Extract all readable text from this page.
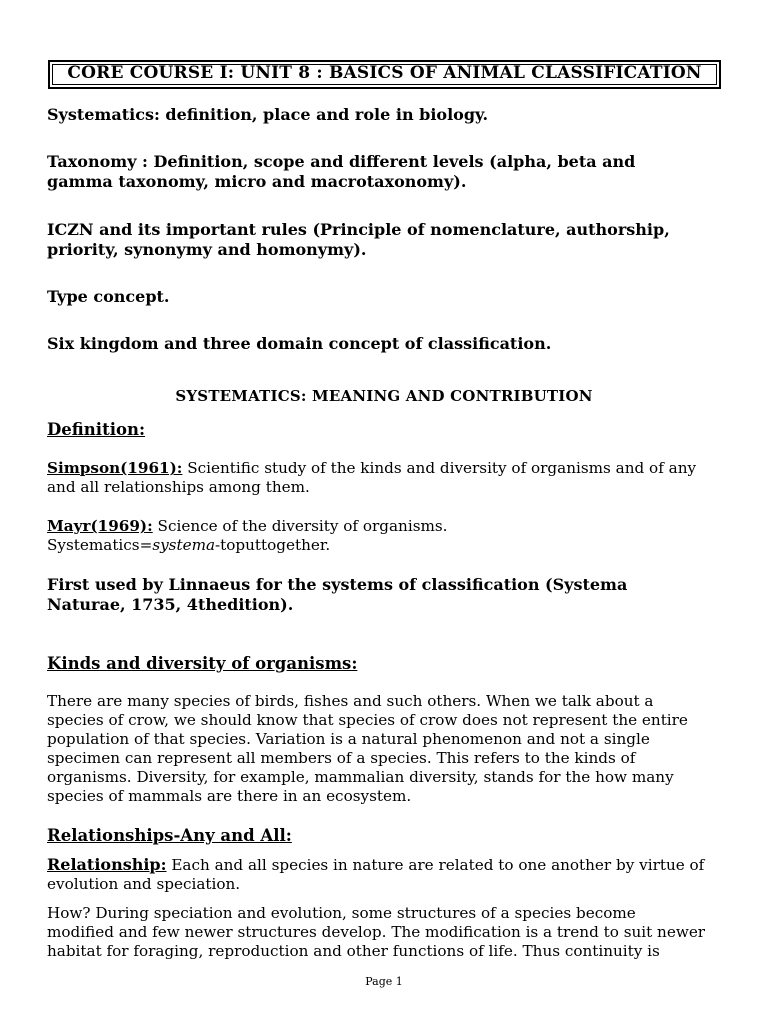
CORE COURSE I: UNIT 8 : BASICS OF ANIMAL CLASSIFICATION
Systematics: definition, place and role in biology.
Taxonomy : Definition, scope and different levels (alpha, beta and
gamma taxonomy, micro and macrotaxonomy).
ICZN and its important rules (Principle of nomenclature, authorship,
priority, synonymy and homonymy).
Type concept.
Six kingdom and three domain concept of classification.
SYSTEMATICS: MEANING AND CONTRIBUTION
Definition:
Simpson(1961): Scientific study of the kinds and diversity of organisms and of any
and all relationships among them.
Mayr(1969): Science of the diversity of organisms.
Systematics=systema-toputtogether.
First used by Linnaeus for the systems of classification (Systema
Naturae, 1735, 4thedition).
Kinds and diversity of organisms:
There are many species of birds, fishes and such others. When we talk about a
species of crow, we should know that species of crow does not represent the entire
population of that species. Variation is a natural phenomenon and not a single
specimen can represent all members of a species. This refers to the kinds of
organisms. Diversity, for example, mammalian diversity, stands for the how many
species of mammals are there in an ecosystem.
Relationships-Any and All:
Relationship: Each and all species in nature are related to one another by virtue of
evolution and speciation.
How? During speciation and evolution, some structures of a species become
modified and few newer structures develop. The modification is a trend to suit newer
habitat for foraging, reproduction and other functions of life. Thus continuity is
Page 1
